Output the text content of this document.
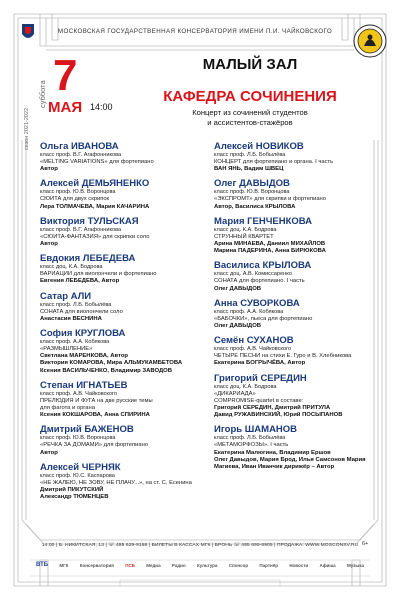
МОСКОВСКАЯ ГОСУДАРСТВЕННАЯ КОНСЕРВАТОРИЯ ИМЕНИ П.И. ЧАЙКОВСКОГО
7
суббота МАЯ 14:00
сезон 2021-2022
МАЛЫЙ ЗАЛ
КАФЕДРА СОЧИНЕНИЯ
Концерт из сочинений студентов
и ассистентов-стажёров
Ольга ИВАНОВА
класс проф. В.Г. Агафонникова
«MELTING VARIATIONS» для фортепиано
Автор
Алексей ДЕМЬЯНЕНКО
класс проф. Ю.В. Воронцова
СЮИТА для двух скрипок
Лера ТОЛМАЧЕВА, Мария КАЧАРИНА
Виктория ТУЛЬСКАЯ
класс проф. В.Г. Агафонникова
«СЮИТА-ФАНТАЗИЯ» для скрипки соло
Автор
Евдокия ЛЕБЕДЕВА
класс доц. К.А. Бодрова
ВАРИАЦИИ для виолончели и фортепиано
Евгения ЛЕБЕДЕВА, Автор
Сатар АЛИ
класс проф. Л.Б. Бобылёва
СОНАТА для виолончели соло
Анастасия ВЕСНИНА
София КРУГЛОВА
класс проф. А.А. Кобякова
«РАЗМЫШЛЕНИЕ»
Светлана МАРЕНКОВА, Автор
Виктория КОМАРОВА, Мира АЛЬМУКАМБЕТОВА Ксения ВАСИЛЬЧЕНКО, Владимир ЗАВОДОВ
Степан ИГНАТЬЕВ
класс проф. А.В. Чайковского
ПРЕЛЮДИЯ И ФУГА на две русские темы
для фагота и органа
Ксения КОКШАРОВА, Анна СПИРИНА
Дмитрий БАЖЕНОВ
класс проф. Ю.В. Воронцова
«РЕЧКА ЗА ДОМАМИ» для фортепиано
Автор
Алексей ЧЕРНЯК
класс проф. Ю.С. Каспарова
«НЕ ЖАЛЕЮ, НЕ ЗОВУ, НЕ ПЛАЧУ...», на ст. С. Есенина
Дмитрий ПИКУТСКИЙ
Александр ТЮМЕНЦЕВ
Алексей НОВИКОВ
класс проф. Л.Б. Бобылёва
КОНЦЕРТ для фортепиано и органа. I часть
ВАН ЯНЬ, Вадим ШВЕЦ
Олег ДАВЫДОВ
класс проф. Ю.В. Воронцова
«ЭКСПРОМТ» для скрипки и фортепиано
Автор, Василиса КРЫЛОВА
Мария ГЕНЧЕНКОВА
класс доц. К.А. Бодрова
СТРУННЫЙ КВАРТЕТ
Арина МИНАЕВА, Даниил МИХАЙЛОВ
Марина ПАДЕРИНА, Анна БИРЮКОВА
Василиса КРЫЛОВА
класс доц. А.В. Комиссаренко
СОНАТА для фортепиано. I часть
Олег ДАВЫДОВ
Анна СУВОРКОВА
класс проф. А.А. Кобякова
«БАБОЧКИ», пьеса для фортепиано
Олег ДАВЫДОВ
Семён СУХАНОВ
класс проф. А.В. Чайковского
ЧЕТЫРЕ ПЕСНИ на стихи Е. Гуро и В. Хлебникова
Екатерина БОГРЫЧЁВА, Автор
Григорий СЕРЕДИН
класс доц. К.А. Бодрова
«ДИКАРИАДА»
COMPROMISE-quartet в составе:
Григорий СЕРЕДИН, Дмитрий ПРИТУЛА
Давид РУЖАВИНСКИЙ, Юрий ПОСЫПАНОВ
Игорь ШАМАНОВ
класс проф. Л.Б. Бобылёва
«МЕТАМОРФОЗЫ». I часть
Екатерина Малюгина, Владимир Ершов
Олег Давыдов, Мария Брод, Илья Самсонов Мария Магиева, Иван Иванчик дирижёр – Автор
14:00 | Б. НИКИТСКАЯ, 13 | ☏ 495 629-9168 | БИЛЕТЫ В КАССАХ МГК | БРОНЬ ☏ 495 695-8905 | ПРОДАЖА: WWW.MOSCONSV.RU 6+
ВТБ	МГК	Консерватория	ПСБ	Медиа	Радио	Культура	Спонсор	Партнёр	Новости	Афиша	Музыка
